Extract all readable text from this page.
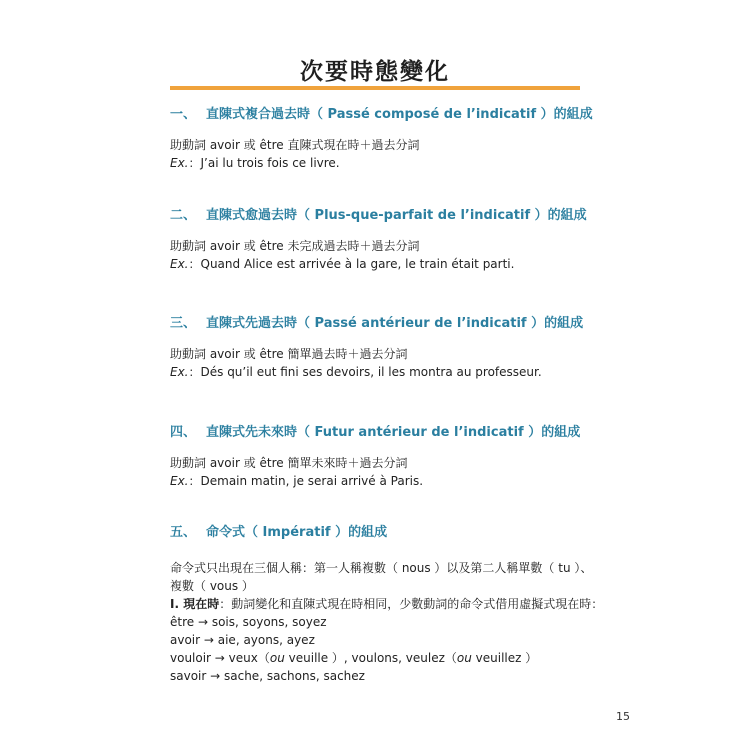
次要時態變化
一、 直陳式複合過去時（ Passé composé de l’indicatif ）的組成
助動詞 avoir 或 être 直陳式現在時＋過去分詞
Ex.：J’ai lu trois fois ce livre.
二、 直陳式愈過去時（ Plus-que-parfait de l’indicatif ）的組成
助動詞 avoir 或 être 未完成過去時＋過去分詞
Ex.：Quand Alice est arrivée à la gare, le train était parti.
三、 直陳式先過去時（ Passé antérieur de l’indicatif ）的組成
助動詞 avoir 或 être 簡單過去時＋過去分詞
Ex.：Dés qu’il eut fini ses devoirs, il les montra au professeur.
四、 直陳式先未來時（ Futur antérieur de l’indicatif ）的組成
助動詞 avoir 或 être 簡單未來時＋過去分詞
Ex.：Demain matin, je serai arrivé à Paris.
五、 命令式（ Impératif ）的組成
命令式只出現在三個人稱：第一人稱複數（ nous ）以及第二人稱單數（ tu ）、複數（ vous ）
I. 現在時：動詞變化和直陳式現在時相同，少數動詞的命令式借用虛擬式現在時：
être → sois, soyons, soyez
avoir → aie, ayons, ayez
vouloir → veux（ou veuille ）, voulons, veulez（ou veuillez ）
savoir → sache, sachons, sachez
15
